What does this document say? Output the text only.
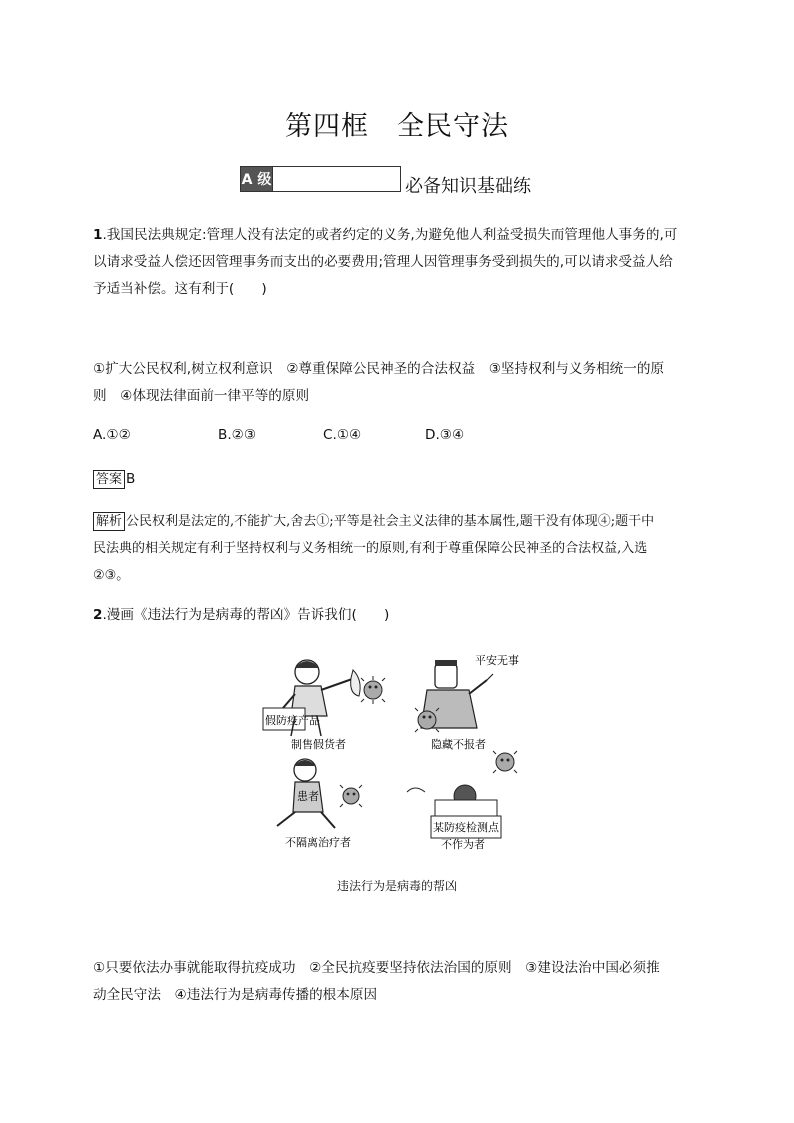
第四框　全民守法
A 级	必备知识基础练
1.我国民法典规定:管理人没有法定的或者约定的义务,为避免他人利益受损失而管理他人事务的,可
以请求受益人偿还因管理事务而支出的必要费用;管理人因管理事务受到损失的,可以请求受益人给
予适当补偿。这有利于(　　)
①扩大公民权利,树立权利意识　②尊重保障公民神圣的合法权益　③坚持权利与义务相统一的原
则　④体现法律面前一律平等的原则
A.①②	B.②③	C.①④	D.③④
答案 B
解析 公民权利是法定的,不能扩大,舍去①;平等是社会主义法律的基本属性,题干没有体现④;题干中
民法典的相关规定有利于坚持权利与义务相统一的原则,有利于尊重保障公民神圣的合法权益,入选
②③。
2.漫画《违法行为是病毒的帮凶》告诉我们(　　)
假防疫产品
制售假货者
平安无事
隐藏不报者
患者
不隔离治疗者
某防疫检测点
不作为者
违法行为是病毒的帮凶
①只要依法办事就能取得抗疫成功　②全民抗疫要坚持依法治国的原则　③建设法治中国必须推
动全民守法　④违法行为是病毒传播的根本原因
